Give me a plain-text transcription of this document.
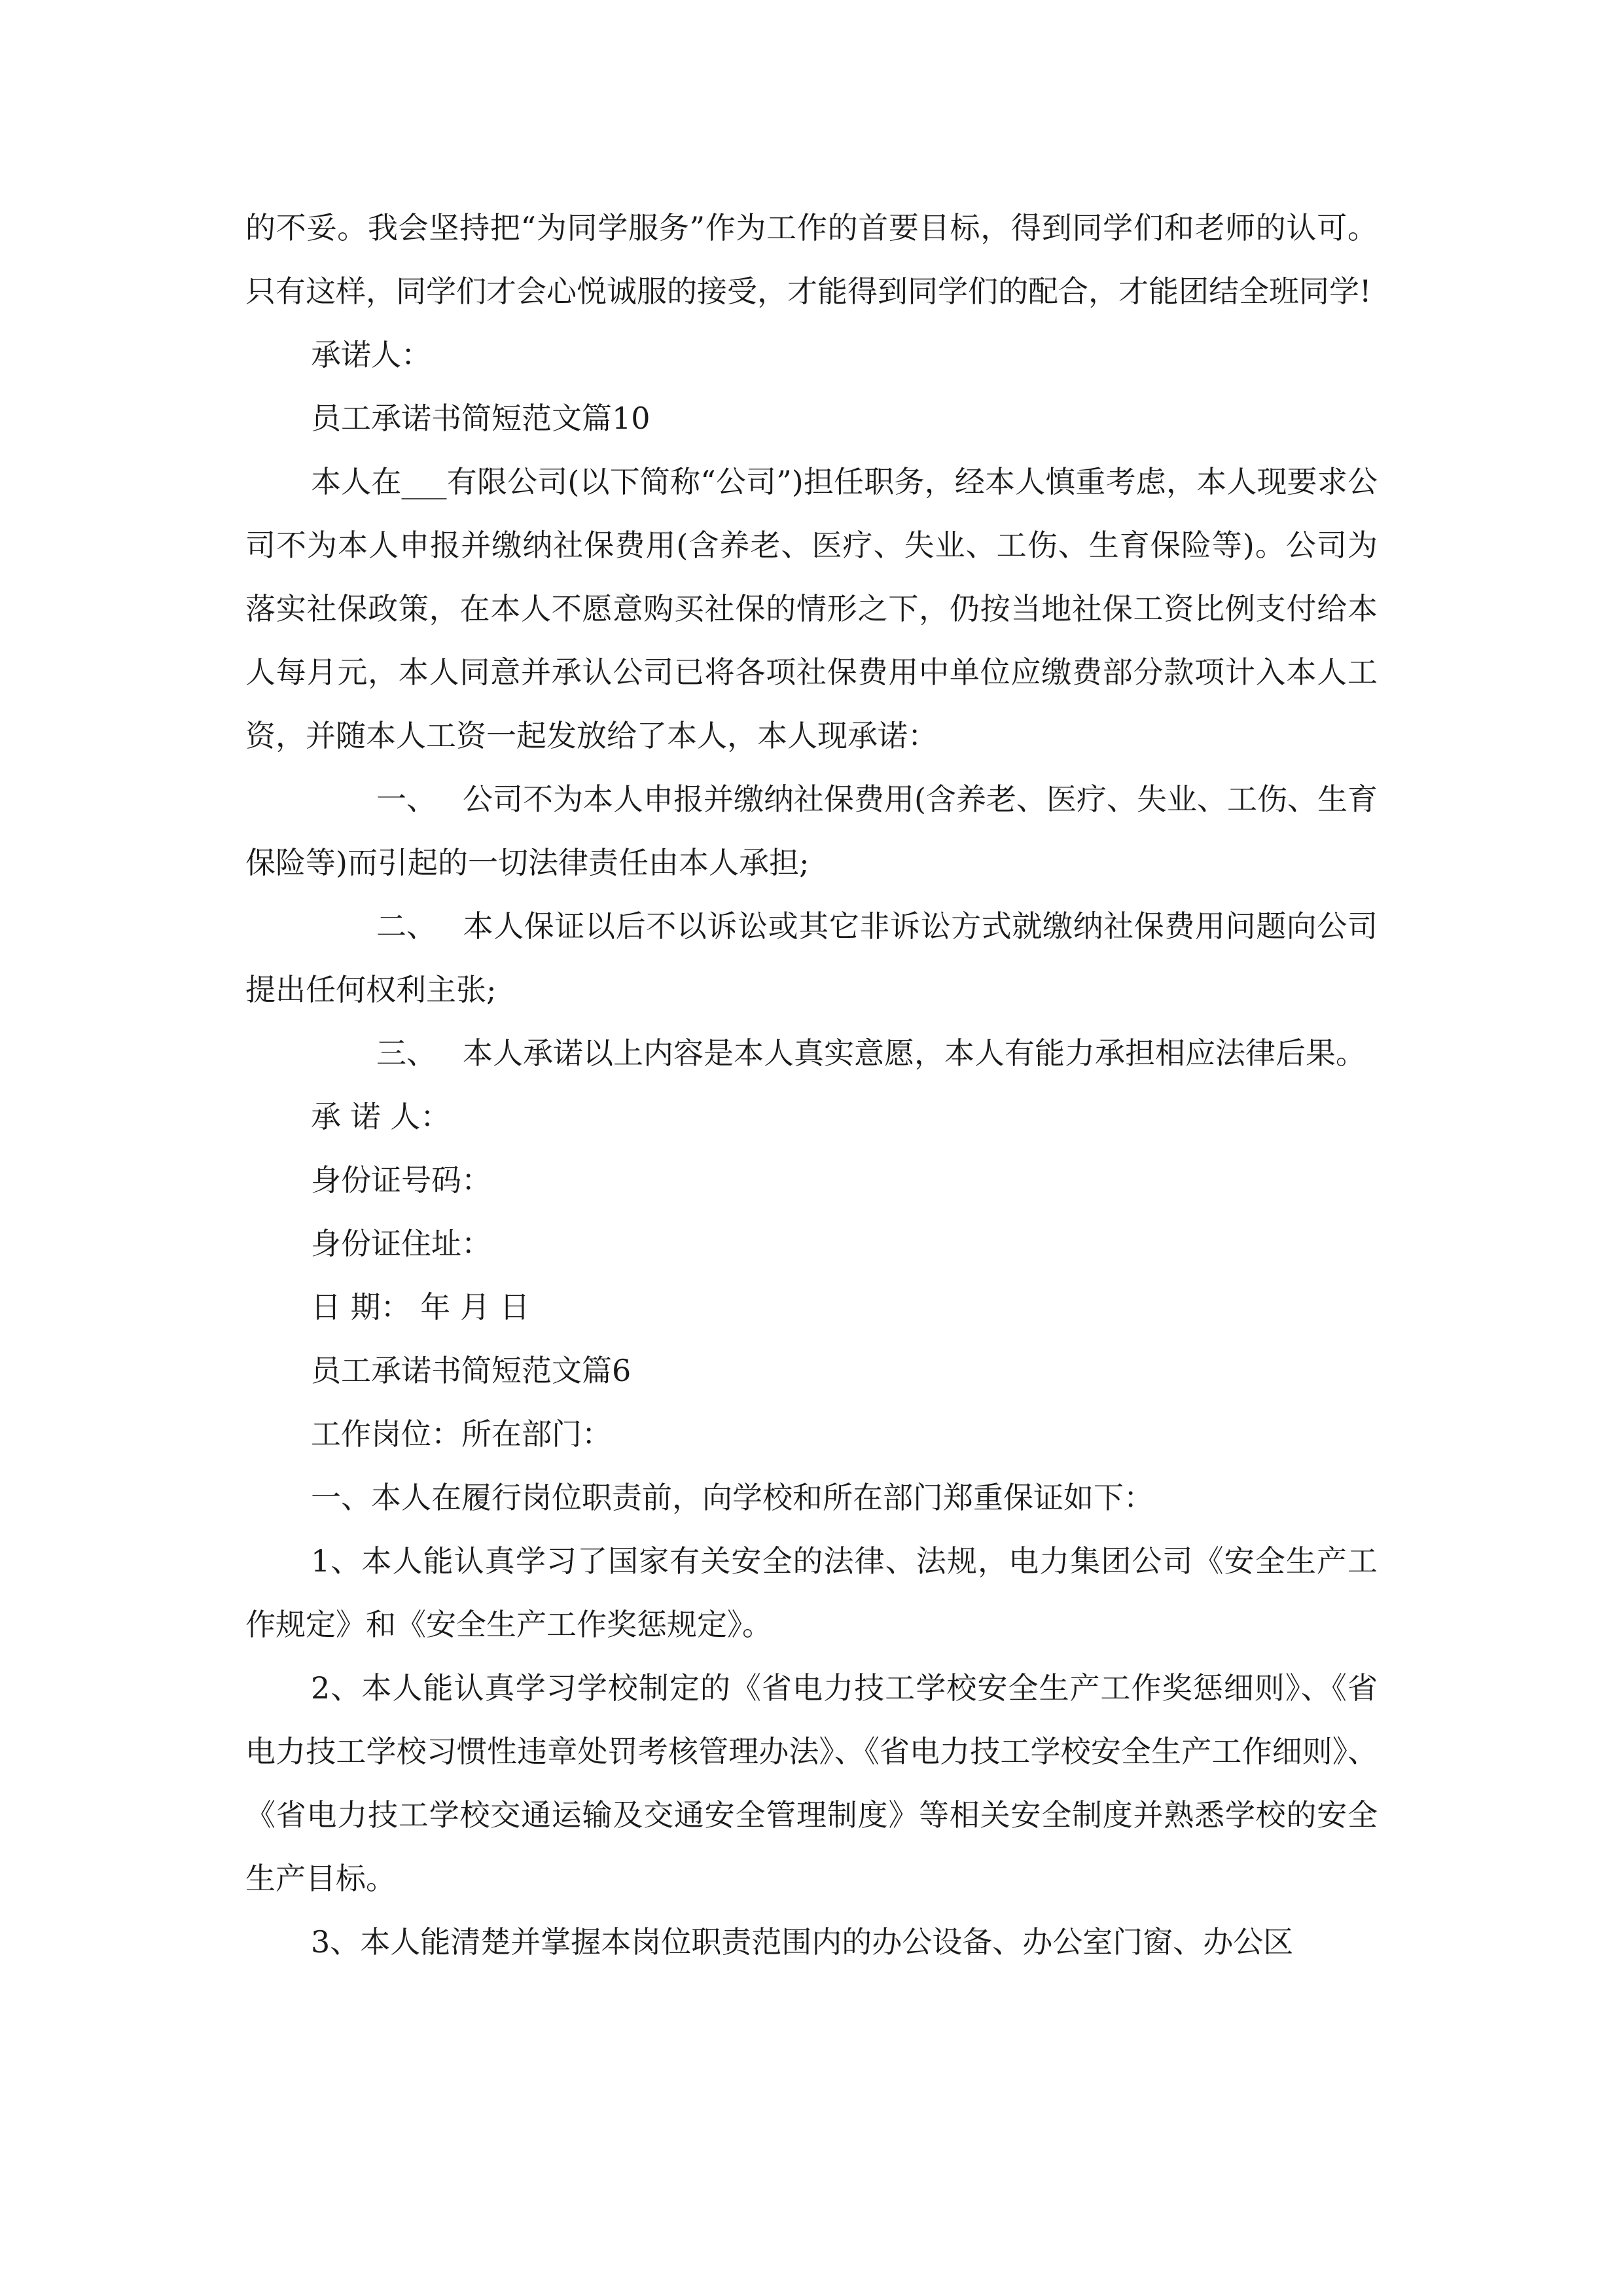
的不妥。我会坚持把“为同学服务”作为工作的首要目标，得到同学们和老师的认可。只有这样，同学们才会心悦诚服的接受，才能得到同学们的配合，才能团结全班同学!

承诺人：

员工承诺书简短范文篇10

本人在___有限公司(以下简称“公司”)担任职务，经本人慎重考虑，本人现要求公司不为本人申报并缴纳社保费用(含养老、医疗、失业、工伤、生育保险等)。公司为落实社保政策，在本人不愿意购买社保的情形之下，仍按当地社保工资比例支付给本人每月元，本人同意并承认公司已将各项社保费用中单位应缴费部分款项计入本人工资，并随本人工资一起发放给了本人，本人现承诺：

一、 公司不为本人申报并缴纳社保费用(含养老、医疗、失业、工伤、生育保险等)而引起的一切法律责任由本人承担;

二、 本人保证以后不以诉讼或其它非诉讼方式就缴纳社保费用问题向公司提出任何权利主张;

三、 本人承诺以上内容是本人真实意愿，本人有能力承担相应法律后果。

承 诺 人：

身份证号码：

身份证住址：

日 期： 年 月 日

员工承诺书简短范文篇6

工作岗位：所在部门：

一、本人在履行岗位职责前，向学校和所在部门郑重保证如下：

1、本人能认真学习了国家有关安全的法律、法规，电力集团公司《安全生产工作规定》和《安全生产工作奖惩规定》。

2、本人能认真学习学校制定的《省电力技工学校安全生产工作奖惩细则》、《省电力技工学校习惯性违章处罚考核管理办法》、《省电力技工学校安全生产工作细则》、《省电力技工学校交通运输及交通安全管理制度》等相关安全制度并熟悉学校的安全生产目标。

3、本人能清楚并掌握本岗位职责范围内的办公设备、办公室门窗、办公区
